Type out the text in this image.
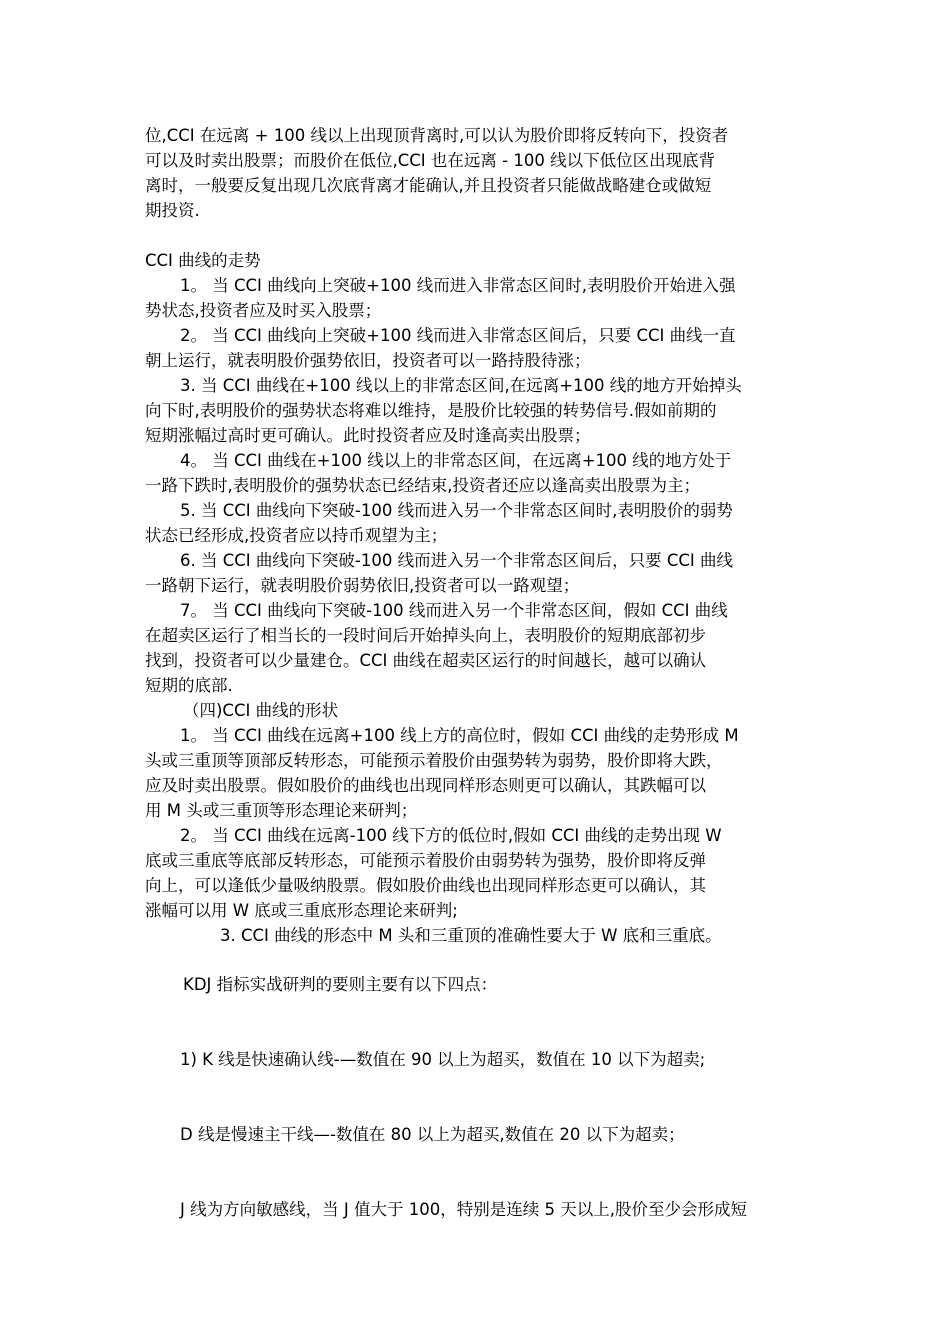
位,CCI 在远离 + 100 线以上出现顶背离时,可以认为股价即将反转向下，投资者

可以及时卖出股票；而股价在低位,CCI 也在远离 - 100 线以下低位区出现底背

离时，一般要反复出现几次底背离才能确认,并且投资者只能做战略建仓或做短

期投资.

CCI 曲线的走势

1。 当 CCI 曲线向上突破+100 线而进入非常态区间时,表明股价开始进入强

势状态,投资者应及时买入股票；

2。 当 CCI 曲线向上突破+100 线而进入非常态区间后，只要 CCI 曲线一直

朝上运行，就表明股价强势依旧，投资者可以一路持股待涨；

3. 当 CCI 曲线在+100 线以上的非常态区间,在远离+100 线的地方开始掉头

向下时,表明股价的强势状态将难以维持，是股价比较强的转势信号.假如前期的

短期涨幅过高时更可确认。此时投资者应及时逢高卖出股票；

4。 当 CCI 曲线在+100 线以上的非常态区间，在远离+100 线的地方处于

一路下跌时,表明股价的强势状态已经结束,投资者还应以逢高卖出股票为主；

5. 当 CCI 曲线向下突破-100 线而进入另一个非常态区间时,表明股价的弱势

状态已经形成,投资者应以持币观望为主；

6. 当 CCI 曲线向下突破-100 线而进入另一个非常态区间后，只要 CCI 曲线

一路朝下运行，就表明股价弱势依旧,投资者可以一路观望；

7。 当 CCI 曲线向下突破-100 线而进入另一个非常态区间，假如 CCI 曲线

在超卖区运行了相当长的一段时间后开始掉头向上，表明股价的短期底部初步

找到，投资者可以少量建仓。CCI 曲线在超卖区运行的时间越长，越可以确认

短期的底部.

（四)CCI 曲线的形状

1。 当 CCI 曲线在远离+100 线上方的高位时，假如 CCI 曲线的走势形成 M

头或三重顶等顶部反转形态，可能预示着股价由强势转为弱势，股价即将大跌，

应及时卖出股票。假如股价的曲线也出现同样形态则更可以确认，其跌幅可以

用 M 头或三重顶等形态理论来研判；

2。 当 CCI 曲线在远离-100 线下方的低位时,假如 CCI 曲线的走势出现 W

底或三重底等底部反转形态，可能预示着股价由弱势转为强势，股价即将反弹

向上，可以逢低少量吸纳股票。假如股价曲线也出现同样形态更可以确认，其

涨幅可以用 W 底或三重底形态理论来研判;

3. CCI 曲线的形态中 M 头和三重顶的准确性要大于 W 底和三重底。

KDJ 指标实战研判的要则主要有以下四点：

1) K 线是快速确认线-—数值在 90 以上为超买，数值在 10 以下为超卖;

D 线是慢速主干线—-数值在 80 以上为超买,数值在 20 以下为超卖；

J 线为方向敏感线，当 J 值大于 100，特别是连续 5 天以上,股价至少会形成短
